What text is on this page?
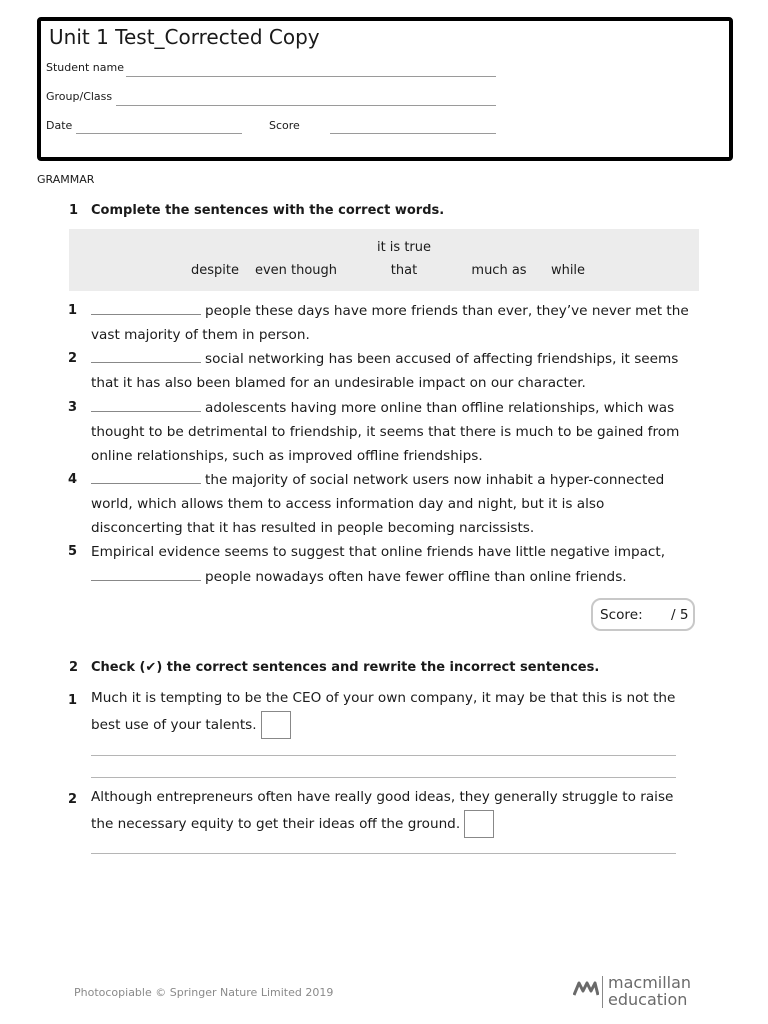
Unit 1 Test_Corrected Copy
Student name
Group/Class
Date	Score
GRAMMAR
1 Complete the sentences with the correct words.
despite	even though
it is true
that	much as	while
1	people these days have more friends than ever, they’ve never met the
vast majority of them in person.
2	social networking has been accused of affecting friendships, it seems
that it has also been blamed for an undesirable impact on our character.
3	adolescents having more online than offline relationships, which was
thought to be detrimental to friendship, it seems that there is much to be gained from
online relationships, such as improved offline friendships.
4	the majority of social network users now inhabit a hyper-connected
world, which allows them to access information day and night, but it is also
disconcerting that it has resulted in people becoming narcissists.
5 Empirical evidence seems to suggest that online friends have little negative impact,
people nowadays often have fewer offline than online friends.
Score: / 5
2 Check (✔) the correct sentences and rewrite the incorrect sentences.
1 Much it is tempting to be the CEO of your own company, it may be that this is not the
best use of your talents.
2 Although entrepreneurs often have really good ideas, they generally struggle to raise
the necessary equity to get their ideas off the ground.
Photocopiable © Springer Nature Limited 2019
macmillan
education
